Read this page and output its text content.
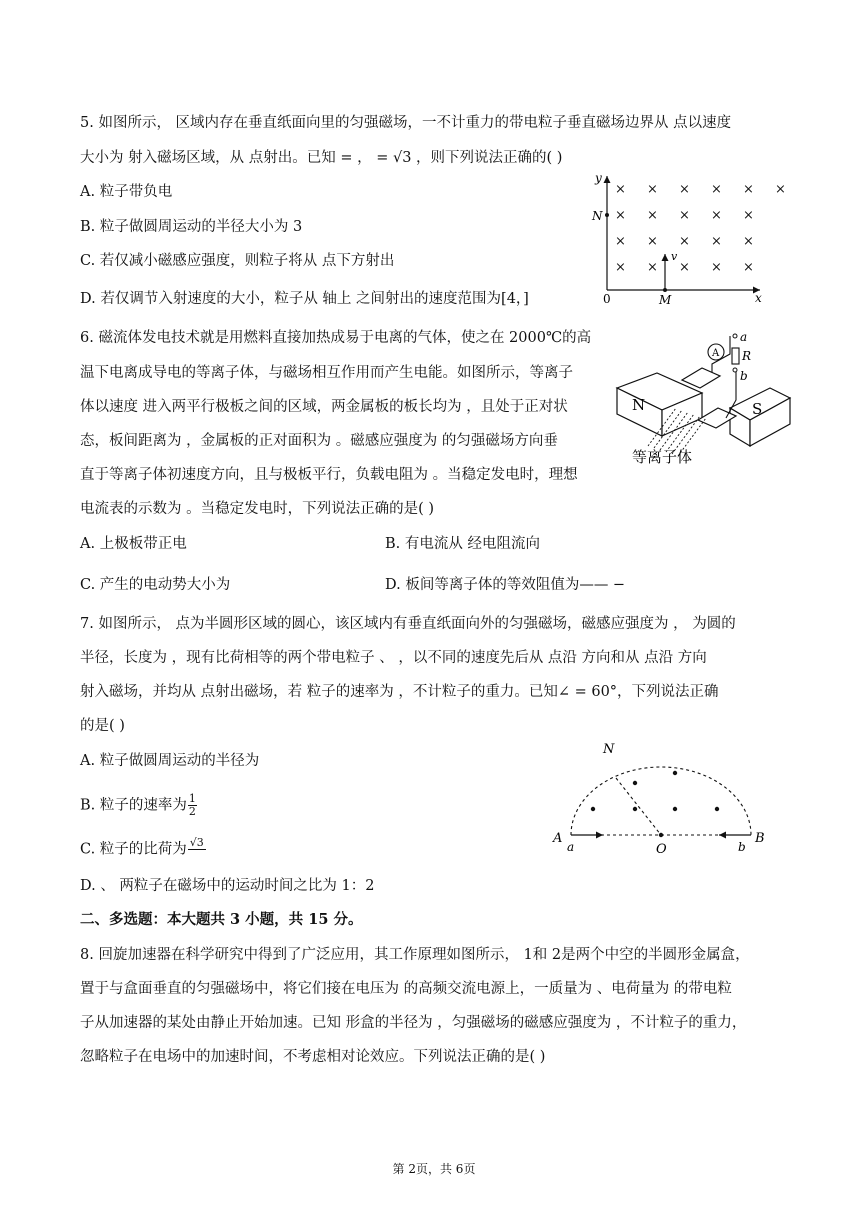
5. 如图所示， 区域内存在垂直纸面向里的匀强磁场，一不计重力的带电粒子垂直磁场边界从 点以速度
大小为 射入磁场区域，从 点射出。已知 = ， = √3 ，则下列说法正确的( )
A. 粒子带负电
B. 粒子做圆周运动的半径大小为 3
C. 若仅减小磁感应强度，则粒子将从 点下方射出
D. 若仅调节入射速度的大小，粒子从 轴上 之间射出的速度范围为[4，]
y
x
0
N
M
v
× × × × × ×
× × × × ×
× × × × ×
× × × × ×
6. 磁流体发电技术就是用燃料直接加热成易于电离的气体，使之在 2000℃的高
温下电离成导电的等离子体，与磁场相互作用而产生电能。如图所示，等离子
体以速度 进入两平行极板之间的区域，两金属板的板长均为 ，且处于正对状
态，板间距离为 ，金属板的正对面积为 。磁感应强度为 的匀强磁场方向垂
直于等离子体初速度方向，且与极板平行，负载电阻为 。当稳定发电时，理想
电流表的示数为 。当稳定发电时，下列说法正确的是( )
A. 上极板带正电	B. 有电流从 经电阻流向
C. 产生的电动势大小为	D. 板间等离子体的等效阻值为—— −
N	S
A
a
R
b
等离子体
7. 如图所示， 点为半圆形区域的圆心，该区域内有垂直纸面向外的匀强磁场，磁感应强度为 ， 为圆的
半径，长度为 ，现有比荷相等的两个带电粒子 、 ，以不同的速度先后从 点沿 方向和从 点沿 方向
射入磁场，并均从 点射出磁场，若 粒子的速率为 ，不计粒子的重力。已知∠ = 60°，下列说法正确
的是( )
A. 粒子做圆周运动的半径为
B. 粒子的速率为 $\frac{1}{2}$
C. 粒子的比荷为 √3

D. 、 两粒子在磁场中的运动时间之比为 1：2
N
A
a	O	b
B
二、多选题：本大题共 3 小题，共 15 分。
8. 回旋加速器在科学研究中得到了广泛应用，其工作原理如图所示， 1和 2是两个中空的半圆形金属盒，
置于与盒面垂直的匀强磁场中，将它们接在电压为 的高频交流电源上，一质量为 、电荷量为 的带电粒
子从加速器的某处由静止开始加速。已知 形盒的半径为 ，匀强磁场的磁感应强度为 ，不计粒子的重力，
忽略粒子在电场中的加速时间，不考虑相对论效应。下列说法正确的是( )
第 2页，共 6页
